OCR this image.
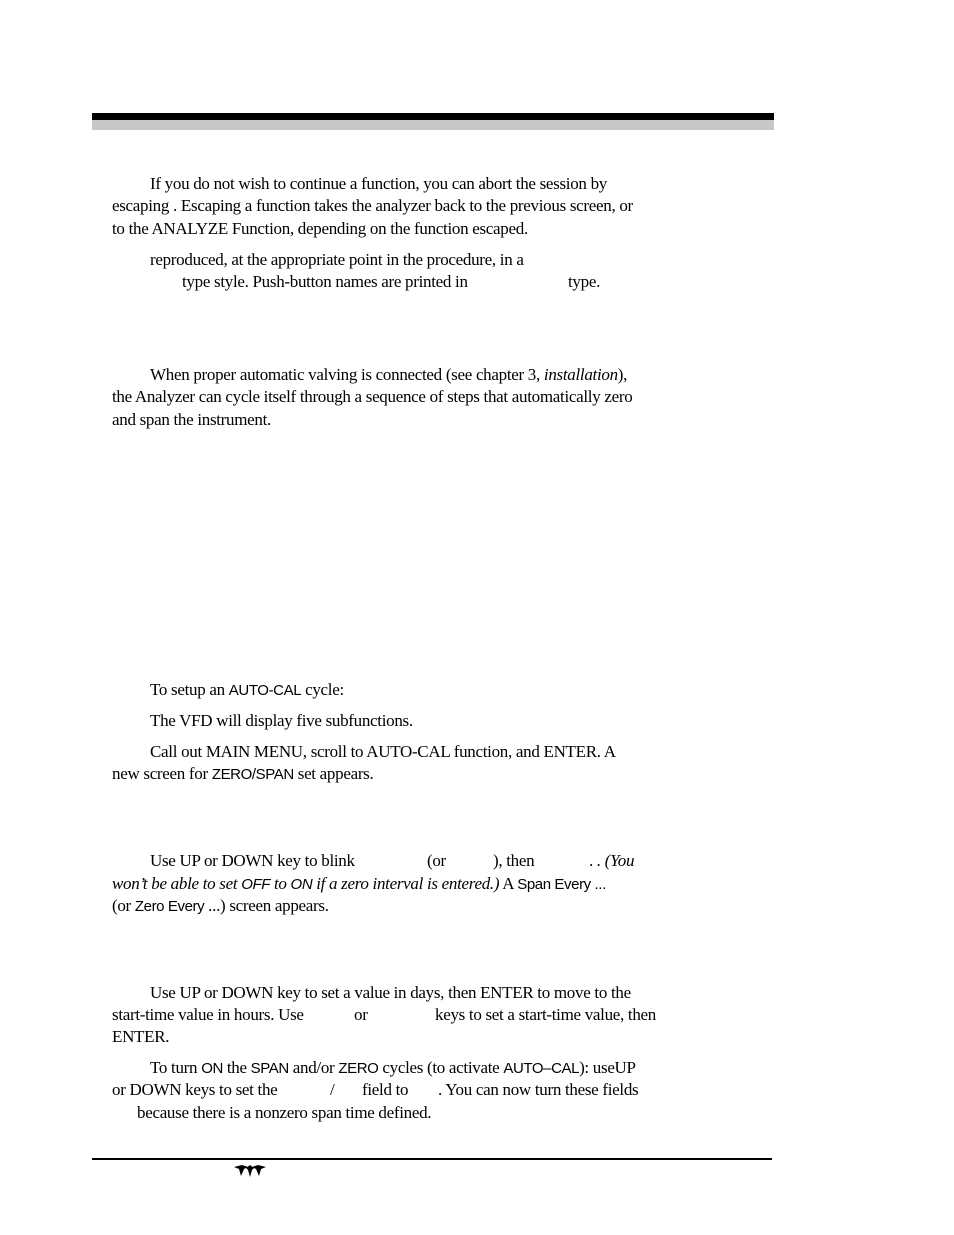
If you do not wish to continue a function, you can abort the session by
escaping . Escaping a function takes the analyzer back to the previous screen, or
to the ANALYZE Function, depending on the function escaped.
reproduced, at the appropriate point in the procedure, in a
type style. Push-button names are printed in	type.
When proper automatic valving is connected (see chapter 3, installation),
the Analyzer can cycle itself through a sequence of steps that automatically zero
and span the instrument.
To setup an AUTO-CAL cycle:
The VFD will display five subfunctions.
Call out MAIN MENU, scroll to AUTO-CAL function, and ENTER. A
new screen for ZERO/SPAN set appears.
Use UP or DOWN key to blink	(or	), then	. . (You
won’t be able to set OFF to ON if a zero interval is entered.) A Span Every ...
(or Zero Every ...) screen appears.
Use UP or DOWN key to set a value in days, then ENTER to move to the
start-time value in hours. Use	or	keys to set a start-time value, then
ENTER.
To turn ON the SPAN and/or ZERO cycles (to activate AUTO–CAL): useUP
or DOWN keys to set the	/ field to . You can now turn these fields
because there is a nonzero span time defined.
